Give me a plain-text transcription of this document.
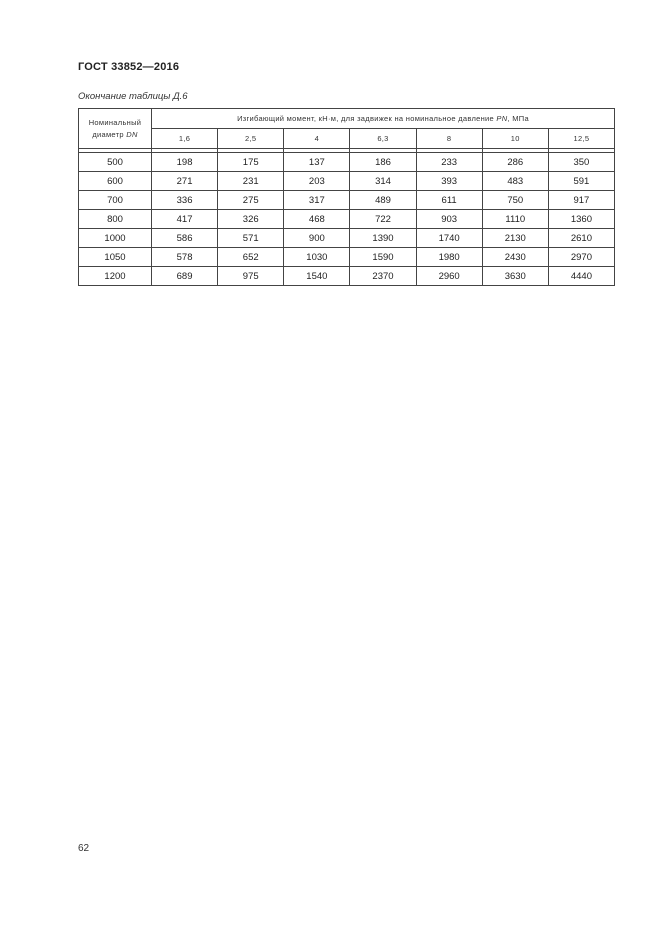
ГОСТ 33852—2016
Окончание таблицы Д.6
Номинальный
диаметр DN	Изгибающий момент, кН·м, для задвижек на номинальное давление PN, МПа						
	1,6	2,5	4	6,3	8	10	12,5

500	198	175	137	186	233	286	350
600	271	231	203	314	393	483	591
700	336	275	317	489	611	750	917
800	417	326	468	722	903	1110	1360
1000	586	571	900	1390	1740	2130	2610
1050	578	652	1030	1590	1980	2430	2970
1200	689	975	1540	2370	2960	3630	4440
62
